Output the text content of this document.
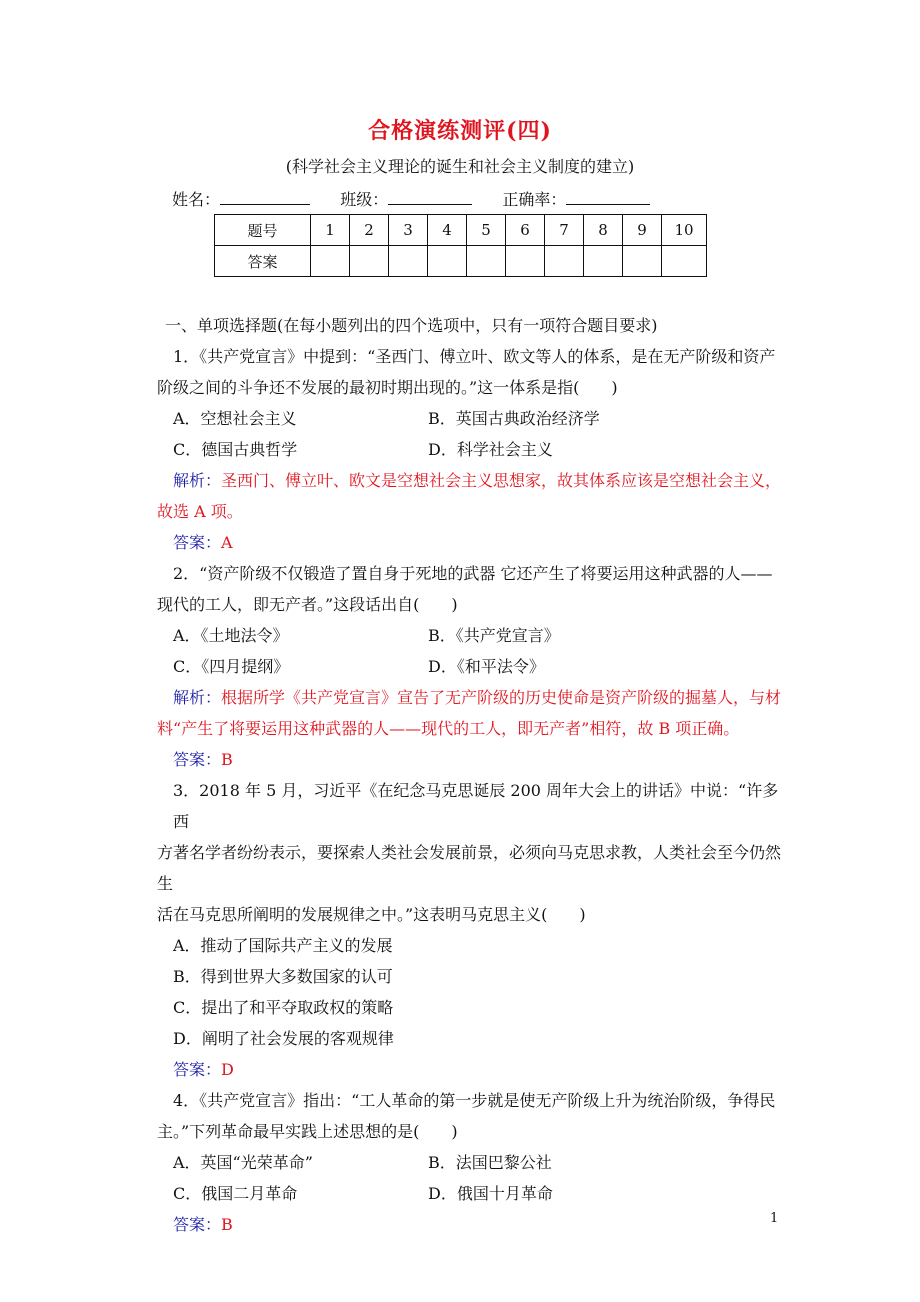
合格演练测评(四)
(科学社会主义理论的诞生和社会主义制度的建立)
姓名：	班级：	正确率：
题号	1	2	3	4	5	6	7	8	9	10
答案										

一、单项选择题(在每小题列出的四个选项中，只有一项符合题目要求)

1．《共产党宣言》中提到：“圣西门、傅立叶、欧文等人的体系，是在无产阶级和资产

阶级之间的斗争还不发展的最初时期出现的。”这一体系是指(　　)

A．空想社会主义	B．英国古典政治经济学
C．德国古典哲学	D．科学社会主义

解析：圣西门、傅立叶、欧文是空想社会主义思想家，故其体系应该是空想社会主义，

故选 A 项。

答案：A

2．“资产阶级不仅锻造了置自身于死地的武器 它还产生了将要运用这种武器的人——

现代的工人，即无产者。”这段话出自(　　)

A．《土地法令》	B．《共产党宣言》
C．《四月提纲》	D．《和平法令》

解析：根据所学《共产党宣言》宣告了无产阶级的历史使命是资产阶级的掘墓人，与材

料“产生了将要运用这种武器的人——现代的工人，即无产者”相符，故 B 项正确。

答案：B

3．2018 年 5 月，习近平《在纪念马克思诞辰 200 周年大会上的讲话》中说：“许多西

方著名学者纷纷表示，要探索人类社会发展前景，必须向马克思求教，人类社会至今仍然生

活在马克思所阐明的发展规律之中。”这表明马克思主义(　　)

A．推动了国际共产主义的发展

B．得到世界大多数国家的认可

C．提出了和平夺取政权的策略

D．阐明了社会发展的客观规律

答案：D

4．《共产党宣言》指出：“工人革命的第一步就是使无产阶级上升为统治阶级，争得民

主。”下列革命最早实践上述思想的是(　　)

A．英国“光荣革命”	B．法国巴黎公社
C．俄国二月革命	D．俄国十月革命

答案：B	1
